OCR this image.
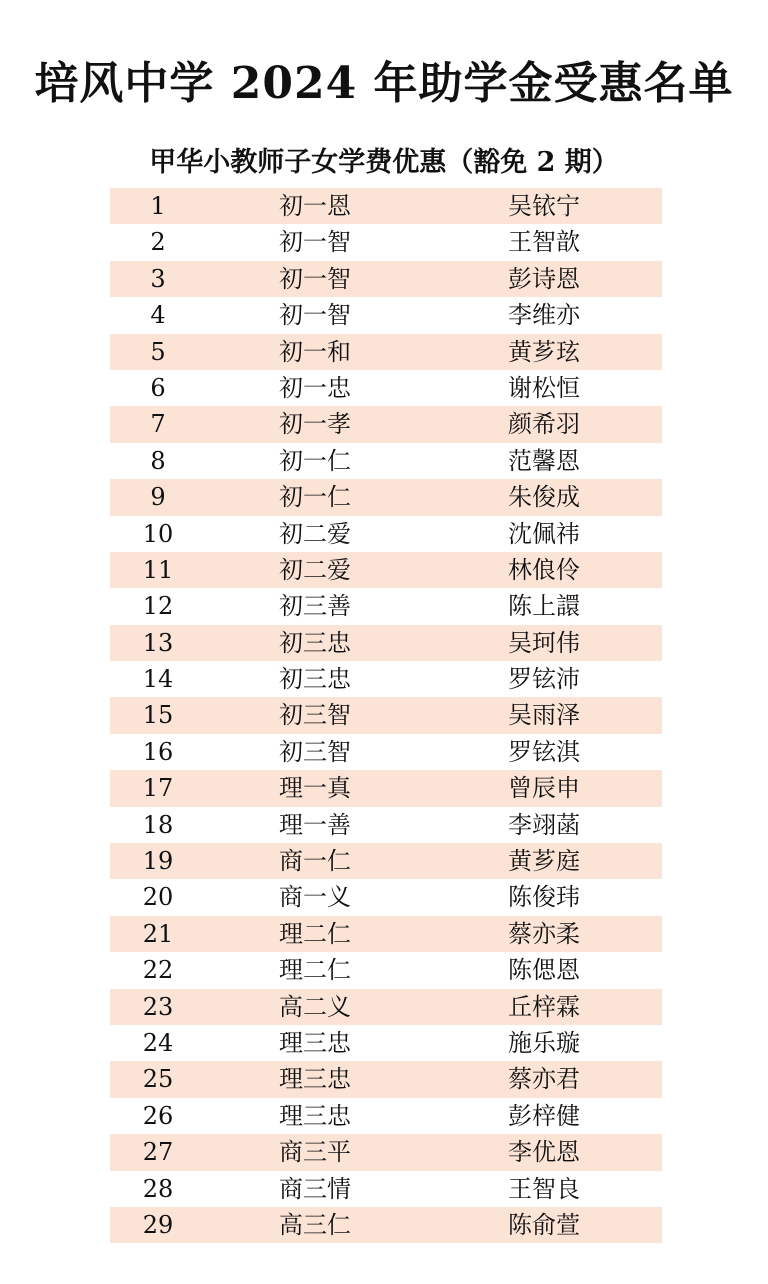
培风中学 2024 年助学金受惠名单
甲华小教师子女学费优惠（豁免 2 期）
1	初一恩	吴铱宁
2	初一智	王智歆
3	初一智	彭诗恩
4	初一智	李维亦
5	初一和	黄芗玹
6	初一忠	谢松恒
7	初一孝	颜希羽
8	初一仁	范馨恩
9	初一仁	朱俊成
10	初二爱	沈佩祎
11	初二爱	林俍伶
12	初三善	陈上譞
13	初三忠	吴珂伟
14	初三忠	罗铉沛
15	初三智	吴雨泽
16	初三智	罗铉淇
17	理一真	曾辰申
18	理一善	李翊菡
19	商一仁	黄芗庭
20	商一义	陈俊玮
21	理二仁	蔡亦柔
22	理二仁	陈偲恩
23	高二义	丘梓霖
24	理三忠	施乐璇
25	理三忠	蔡亦君
26	理三忠	彭梓健
27	商三平	李优恩
28	商三情	王智良
29	高三仁	陈俞萱
